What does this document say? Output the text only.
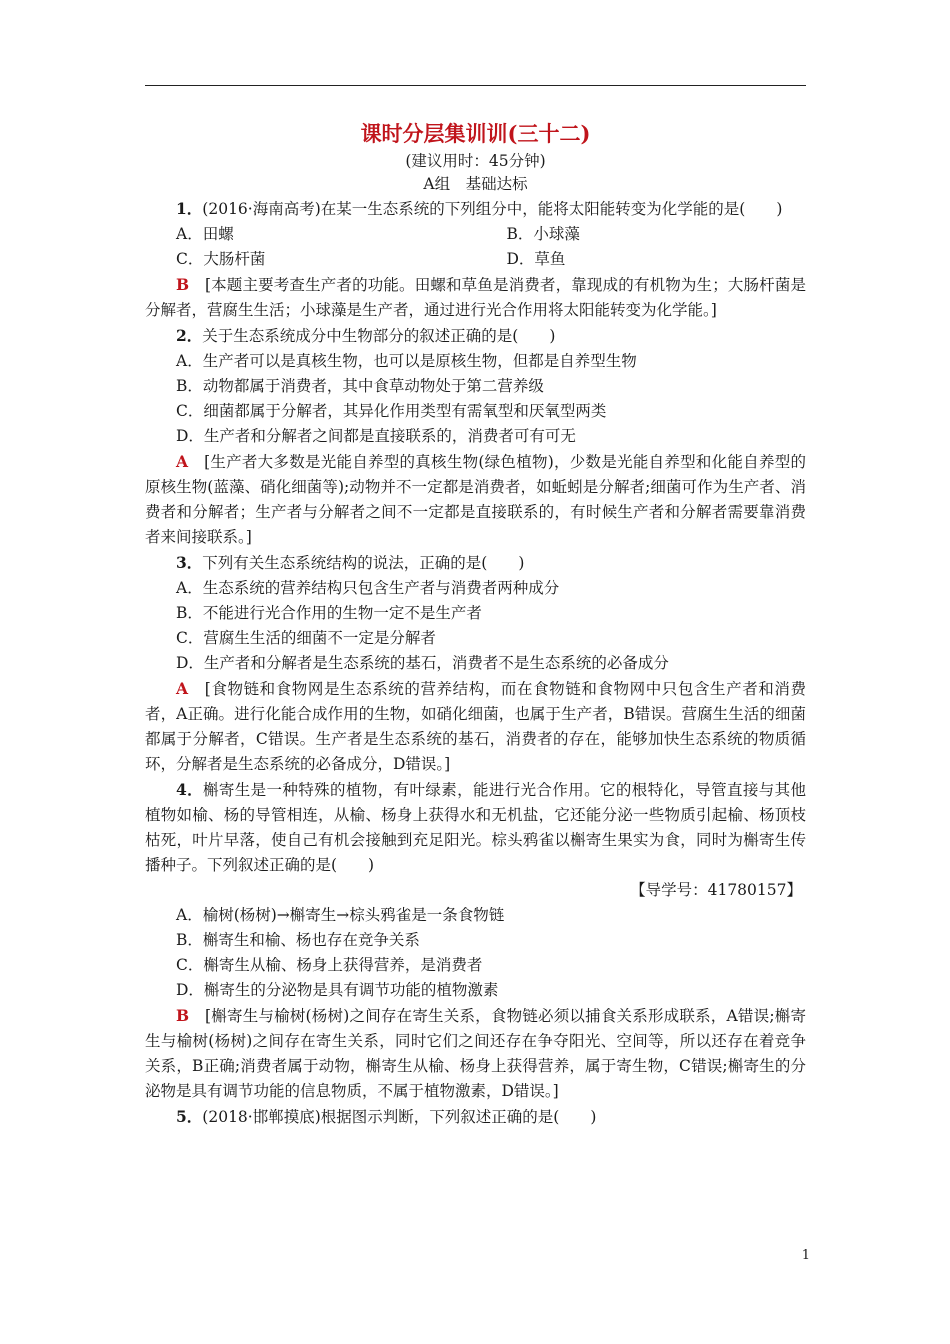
课时分层集训训(三十二)
(建议用时：45分钟)
A组　基础达标

1．(2016·海南高考)在某一生态系统的下列组分中，能将太阳能转变为化学能的是(　　)

A．田螺	B．小球藻
C．大肠杆菌	D．草鱼

B　 [本题主要考查生产者的功能。田螺和草鱼是消费者，靠现成的有机物为生；大肠杆菌是分解者，营腐生生活；小球藻是生产者，通过进行光合作用将太阳能转变为化学能。]

2．关于生态系统成分中生物部分的叙述正确的是(　　)

A．生产者可以是真核生物，也可以是原核生物，但都是自养型生物

B．动物都属于消费者，其中食草动物处于第二营养级

C．细菌都属于分解者，其异化作用类型有需氧型和厌氧型两类

D．生产者和分解者之间都是直接联系的，消费者可有可无

A　 [生产者大多数是光能自养型的真核生物(绿色植物)，少数是光能自养型和化能自养型的原核生物(蓝藻、硝化细菌等);动物并不一定都是消费者，如蚯蚓是分解者;细菌可作为生产者、消费者和分解者；生产者与分解者之间不一定都是直接联系的，有时候生产者和分解者需要靠消费者来间接联系。]

3．下列有关生态系统结构的说法，正确的是(　　)

A．生态系统的营养结构只包含生产者与消费者两种成分

B．不能进行光合作用的生物一定不是生产者

C．营腐生生活的细菌不一定是分解者

D．生产者和分解者是生态系统的基石，消费者不是生态系统的必备成分

A　 [食物链和食物网是生态系统的营养结构，而在食物链和食物网中只包含生产者和消费者，A正确。进行化能合成作用的生物，如硝化细菌，也属于生产者，B错误。营腐生生活的细菌都属于分解者，C错误。生产者是生态系统的基石，消费者的存在，能够加快生态系统的物质循环，分解者是生态系统的必备成分，D错误。]

4．槲寄生是一种特殊的植物，有叶绿素，能进行光合作用。它的根特化，导管直接与其他植物如榆、杨的导管相连，从榆、杨身上获得水和无机盐，它还能分泌一些物质引起榆、杨顶枝枯死，叶片早落，使自己有机会接触到充足阳光。棕头鸦雀以槲寄生果实为食，同时为槲寄生传播种子。下列叙述正确的是(　　)

【导学号：41780157】

A．榆树(杨树)→槲寄生→棕头鸦雀是一条食物链

B．槲寄生和榆、杨也存在竞争关系

C．槲寄生从榆、杨身上获得营养，是消费者

D．槲寄生的分泌物是具有调节功能的植物激素

B　 [槲寄生与榆树(杨树)之间存在寄生关系，食物链必须以捕食关系形成联系，A错误;槲寄生与榆树(杨树)之间存在寄生关系，同时它们之间还存在争夺阳光、空间等，所以还存在着竞争关系，B正确;消费者属于动物，槲寄生从榆、杨身上获得营养，属于寄生物，C错误;槲寄生的分泌物是具有调节功能的信息物质，不属于植物激素，D错误。]

5．(2018·邯郸摸底)根据图示判断，下列叙述正确的是(　　)

1
